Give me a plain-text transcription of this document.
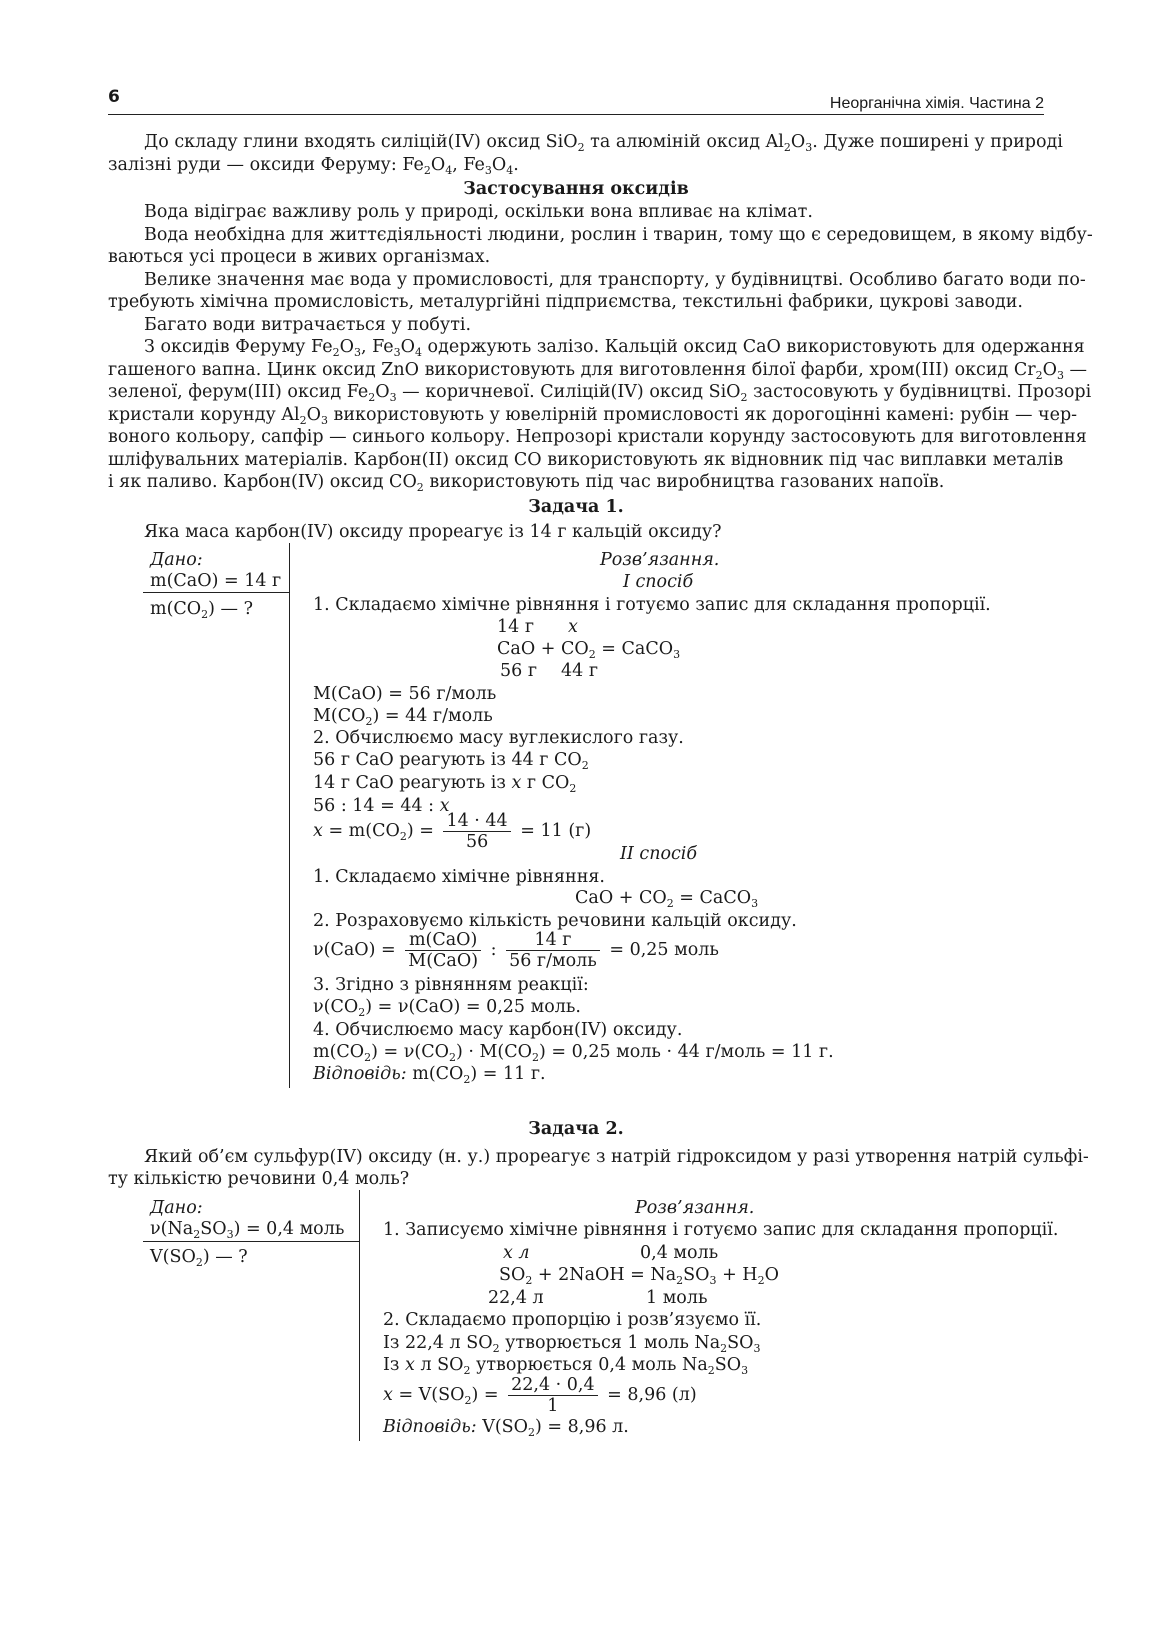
6	Неорганічна хімія. Частина 2
До складу глини входять силіцій(IV) оксид SiO$_2$ та алюміній оксид $Al_2O_3$. Дуже поширені у природі
залізні руди — оксиди Феруму: $Fe_2O_4$, $Fe_3O_4$.
Застосування оксидів
Вода відіграє важливу роль у природі, оскільки вона впливає на клімат.
Вода необхідна для життєдіяльності людини, рослин і тварин, тому що є середовищем, в якому відбу-
ваються усі процеси в живих організмах.
Велике значення має вода у промисловості, для транспорту, у будівництві. Особливо багато води по-
требують хімічна промисловість, металургійні підприємства, текстильні фабрики, цукрові заводи.
Багато води витрачається у побуті.
З оксидів Феруму $Fe_2O_3$, $Fe_3O_4$ одержують залізо. Кальцій оксид CaO використовують для одержання
гашеного вапна. Цинк оксид ZnO використовують для виготовлення білої фарби, хром(III) оксид $Cr_2O_3$ —
зеленої, ферум(III) оксид $Fe_2O_3$ — коричневої. Силіцій(IV) оксид SiO$_2$ застосовують у будівництві. Прозорі
кристали корунду $Al_2O_3$ використовують у ювелірній промисловості як дорогоцінні камені: рубін — чер-
воного кольору, сапфір — синього кольору. Непрозорі кристали корунду застосовують для виготовлення
шліфувальних матеріалів. Карбон(II) оксид CO використовують як відновник під час виплавки металів
і як паливо. Карбон(IV) оксид $CO_2$ використовують під час виробництва газованих напоїв.
Задача 1.
Яка маса карбон(IV) оксиду прореагує із 14 г кальцій оксиду?
Дано:
m(CaO) = 14 г
$m(CO_2)$ — ?
Розв’язання.
I спосіб
1. Складаємо хімічне рівняння і готуємо запис для складання пропорції.
14 г x
CaO + $CO_2$ = CaCO$_3$
56 г 44 г
M(CaO) = 56 г/моль
$M(CO_2) = 44$ г/моль
2. Обчислюємо масу вуглекислого газу.
56 г CaO реагують із 44 г $CO_2$
14 г CaO реагують із x г $CO_2$
56 : 14 = 44 : x
$x = m(CO_2) = \frac{14 \cdot 44}{56} = 11$ (г)
II спосіб
1. Складаємо хімічне рівняння.
CaO + $CO_2$ = CaCO$_3$
2. Розраховуємо кількість речовини кальцій оксиду.
$\nu(CaO) = \frac{\text{m(CaO)}}{\text{M(CaO)}}$ : $\frac{14 г}{\text{56 г/моль}} = 0,25$ моль
3. Згідно з рівнянням реакції:
$\nu(CO_2) = \nu(CaO) = 0,25$ моль.
4. Обчислюємо масу карбон(IV) оксиду.
$m(CO_2) = \nu(CO_2) \cdot M(CO_2) = 0,25$ моль · 44 г/моль = 11 г.
Відповідь: $m(CO_2) = 11$ г.
Задача 2.
Який об’єм сульфур(IV) оксиду (н. у.) прореагує з натрій гідроксидом у разі утворення натрій сульфі-
ту кількістю речовини 0,4 моль?
Дано:
$\nu(Na_2SO_3) = 0,4$ моль
$V(SO_2)$ — ?
Розв’язання.
1. Записуємо хімічне рівняння і готуємо запис для складання пропорції.
x л	0,4 моль
$SO_2$ + 2NaOH = $Na_2SO_3 + H_2O$
22,4 л	1 моль
2. Складаємо пропорцію і розв’язуємо її.
Із 22,4 л $SO_2$ утворюється 1 моль $Na_2SO_3$
Із x л $SO_2$ утворюється 0,4 моль $Na_2SO_3$
$x = V(SO_2) = \frac{22,4 \cdot 0,4}{1} = 8,96$ (л)
Відповідь: $V(SO_2) = 8,96$ л.
